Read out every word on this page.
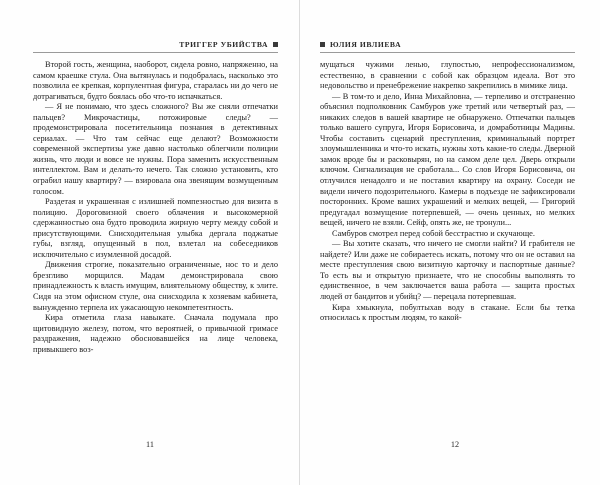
ТРИГГЕР УБИЙСТВА

Второй гость, женщина, наоборот, сидела ровно, напряженно, на самом краешке стула. Она вытянулась и подобралась, насколько это позволила ее крепкая, корпулентная фигура, старалась ни до чего не дотрагиваться, будто боялась обо что-то испачкаться.

— Я не понимаю, что здесь сложного? Вы же сняли отпечатки пальцев? Микрочастицы, потожировые следы? — продемонстрировала посетительница познания в детективных сериалах. — Что там сейчас еще делают? Возможности современной экспертизы уже давно настолько облегчили полиции жизнь, что люди и вовсе не нужны. Пора заменить искусственным интеллектом. Вам и делать-то нечего. Так сложно установить, кто ограбил нашу квартиру? — взировала она звенящим возмущенным голосом.

Раздетая и украшенная с излишней помпезностью для визита в полицию. Дороговизной своего облачения и высокомерной сдержанностью она будто проводила жирную черту между собой и присутствующими. Снисходительная улыбка дергала поджатые губы, взгляд, опущенный в пол, взлетал на собеседников исключительно с изумленной досадой.

Движения строгие, показательно ограниченные, нос то и дело брезгливо морщился. Мадам демонстрировала свою принадлежность к власть имущим, влиятельному обществу, к элите. Сидя на этом офисном стуле, она снисходила к хозяевам кабинета, вынужденно терпела их ужасающую некомпетентность.

Кира отметила глаза навыкате. Сначала подумала про щитовидную железу, потом, что вероятней, о привычной гримасе раздражения, надежно обосновавшейся на лице человека, привыкшего воз-

11
ЮЛИЯ ИВЛИЕВА

мущаться чужими ленью, глупостью, непрофессионализмом, естественно, в сравнении с собой как образцом идеала. Вот это недовольство и пренебрежение накрепко закрепились в мимике лица.

— В том-то и дело, Инна Михайловна, — терпеливо и отстраненно объяснил подполковник Самбуров уже третий или четвертый раз, — никаких следов в вашей квартире не обнаружено. Отпечатки пальцев только вашего супруга, Игоря Борисовича, и домработницы Мадины. Чтобы составить сценарий преступления, криминальный портрет злоумышленника и что-то искать, нужны хоть какие-то следы. Дверной замок вроде бы и расковырян, но на самом деле цел. Дверь открыли ключом. Сигнализация не сработала... Со слов Игоря Борисовича, он отлучился ненадолго и не поставил квартиру на охрану. Соседи не видели ничего подозрительного. Камеры в подъезде не зафиксировали посторонних. Кроме ваших украшений и мелких вещей, — Григорий предугадал возмущение потерпевшей, — очень ценных, но мелких вещей, ничего не взяли. Сейф, опять же, не тронули...

Самбуров смотрел перед собой бесстрастно и скучающе.

— Вы хотите сказать, что ничего не смогли найти? И грабителя не найдете? Или даже не собираетесь искать, потому что он не оставил на месте преступления свою визитную карточку и паспортные данные? То есть вы и открытую признаете, что не способны выполнять то единственное, в чем заключается ваша работа — защита простых людей от бандитов и убийц? — перецала потерпевшая.

Кира хмыкнула, побултыхав воду в стакане. Если бы тетка относилась к простым людям, то какой-

12
